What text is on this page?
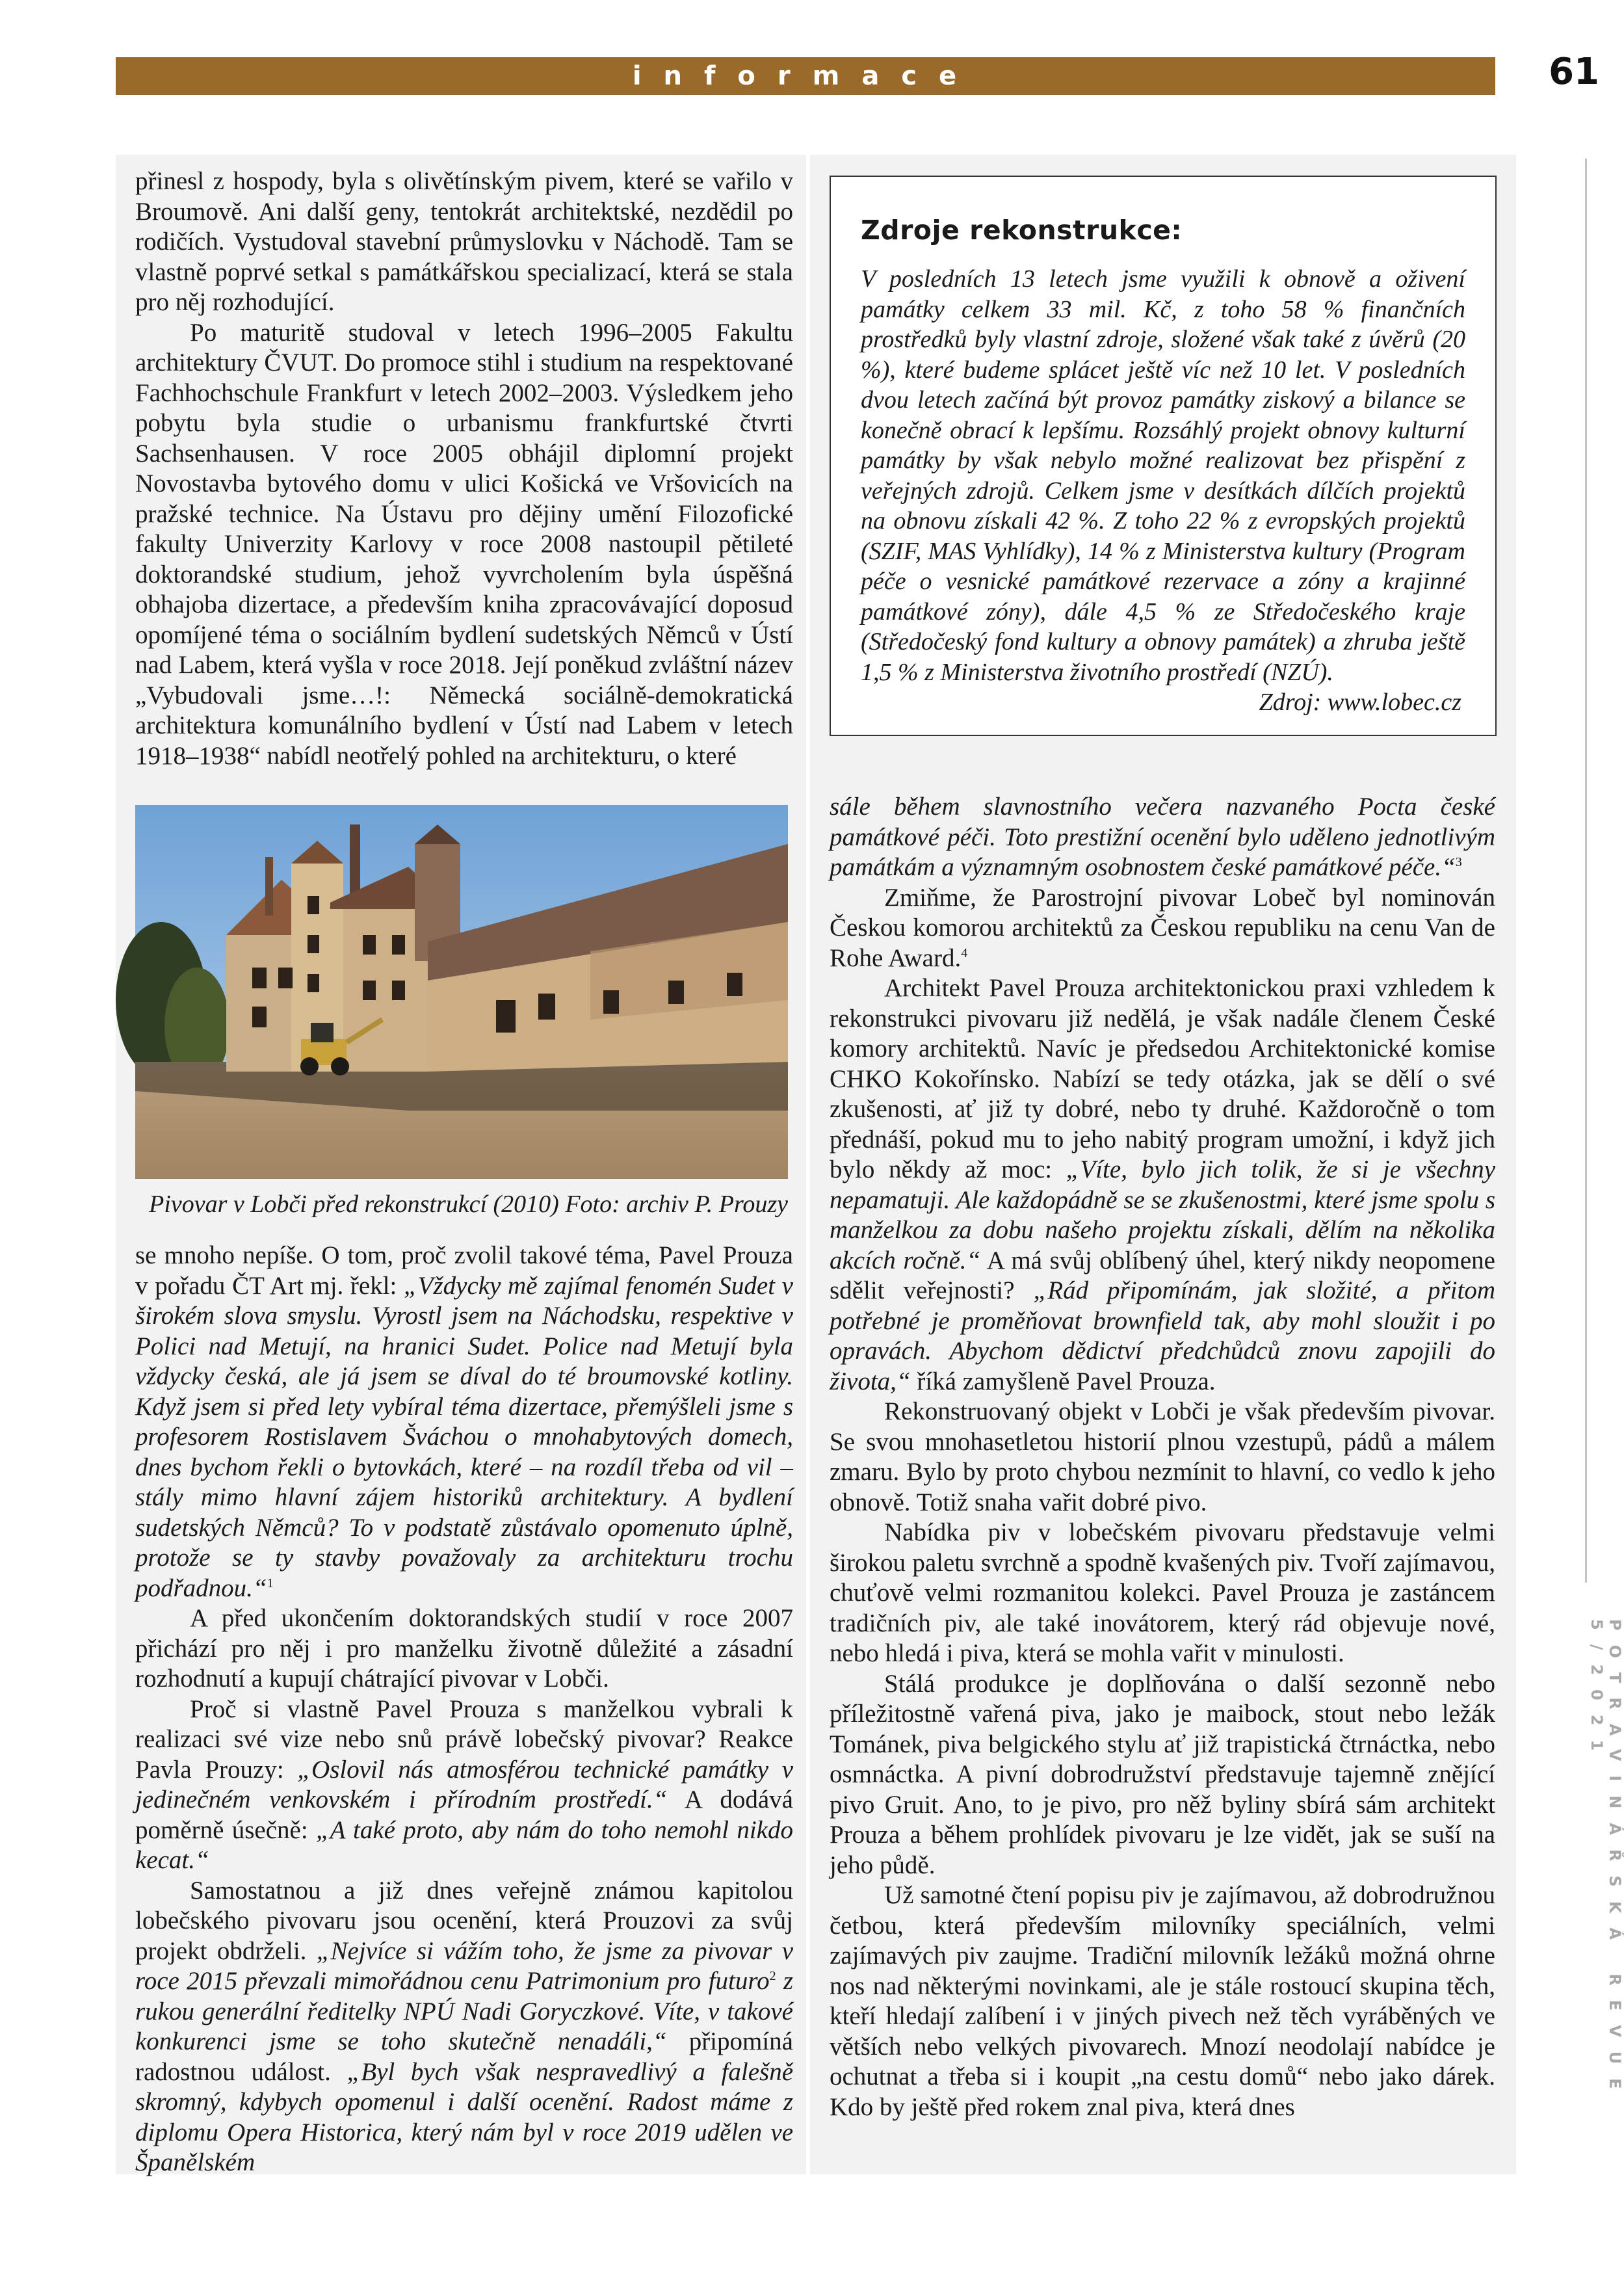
informace	61
POTRAVINÁŘSKÁ REVUE 5/2021

přinesl z hospody, byla s olivětínským pivem, které se vařilo v Broumově. Ani další geny, tentokrát architektské, nezdědil po rodičích. Vystudoval stavební průmyslovku v Náchodě. Tam se vlastně poprvé setkal s památkářskou specializací, která se stala pro něj rozhodující.

Po maturitě studoval v letech 1996–2005 Fakultu architektury ČVUT. Do promoce stihl i studium na respektované Fachhochschule Frankfurt v letech 2002–2003. Výsledkem jeho pobytu byla studie o urbanismu frankfurtské čtvrti Sachsenhausen. V roce 2005 obhájil diplomní projekt Novostavba bytového domu v ulici Košická ve Vršovicích na pražské technice. Na Ústavu pro dějiny umění Filozofické fakulty Univerzity Karlovy v roce 2008 nastoupil pětileté doktorandské studium, jehož vyvrcholením byla úspěšná obhajoba dizertace, a především kniha zpracovávající doposud opomíjené téma o sociálním bydlení sudetských Němců v Ústí nad Labem, která vyšla v roce 2018. Její poněkud zvláštní název „Vybudovali jsme…!: Německá sociálně-demokratická architektura komunálního bydlení v Ústí nad Labem v letech 1918–1938“ nabídl neotřelý pohled na architekturu, o které

Zdroje rekonstrukce:

V posledních 13 letech jsme využili k obnově a oživení památky celkem 33 mil. Kč, z toho 58 % finančních prostředků byly vlastní zdroje, složené však také z úvěrů (20 %), které budeme splácet ještě víc než 10 let. V posledních dvou letech začíná být provoz památky ziskový a bilance se konečně obrací k lepšímu. Rozsáhlý projekt obnovy kulturní památky by však nebylo možné realizovat bez přispění z veřejných zdrojů. Celkem jsme v desítkách dílčích projektů na obnovu získali 42 %. Z toho 22 % z evropských projektů (SZIF, MAS Vyhlídky), 14 % z Ministerstva kultury (Program péče o vesnické památkové rezervace a zóny a krajinné památkové zóny), dále 4,5 % ze Středočeského kraje (Středočeský fond kultury a obnovy památek) a zhruba ještě 1,5 % z Ministerstva životního prostředí (NZÚ).
Zdroj: www.lobec.cz

Pivovar v Lobči před rekonstrukcí (2010) Foto: archiv P. Prouzy

se mnoho nepíše. O tom, proč zvolil takové téma, Pavel Prouza v pořadu ČT Art mj. řekl: „Vždycky mě zajímal fenomén Sudet v širokém slova smyslu. Vyrostl jsem na Náchodsku, respektive v Polici nad Metují, na hranici Sudet. Police nad Metují byla vždycky česká, ale já jsem se díval do té broumovské kotliny. Když jsem si před lety vybíral téma dizertace, přemýšleli jsme s profesorem Rostislavem Šváchou o mnohabytových domech, dnes bychom řekli o bytovkách, které – na rozdíl třeba od vil – stály mimo hlavní zájem historiků architektury. A bydlení sudetských Němců? To v podstatě zůstávalo opomenuto úplně, protože se ty stavby považovaly za architekturu trochu podřadnou.“$^1$

A před ukončením doktorandských studií v roce 2007 přichází pro něj i pro manželku životně důležité a zásadní rozhodnutí a kupují chátrající pivovar v Lobči.

Proč si vlastně Pavel Prouza s manželkou vybrali k realizaci své vize nebo snů právě lobečský pivovar? Reakce Pavla Prouzy: „Oslovil nás atmosférou technické památky v jedinečném venkovském i přírodním prostředí.“ A dodává poměrně úsečně: „A také proto, aby nám do toho nemohl nikdo kecat.“

Samostatnou a již dnes veřejně známou kapitolou lobečského pivovaru jsou ocenění, která Prouzovi za svůj projekt obdrželi. „Nejvíce si vážím toho, že jsme za pivovar v roce 2015 převzali mimořádnou cenu Patrimonium pro futuro$^2$ z rukou generální ředitelky NPÚ Nadi Goryczkové. Víte, v takové konkurenci jsme se toho skutečně nenadáli,“ připomíná radostnou událost. „Byl bych však nespravedlivý a falešně skromný, kdybych opomenul i další ocenění. Radost máme z diplomu Opera Historica, který nám byl v roce 2019 udělen ve Španělském

sále během slavnostního večera nazvaného Pocta české památkové péči. Toto prestižní ocenění bylo uděleno jednotlivým památkám a významným osobnostem české památkové péče.“$^3$

Zmiňme, že Parostrojní pivovar Lobeč byl nominován Českou komorou architektů za Českou republiku na cenu Van de Rohe Award.$^4$

Architekt Pavel Prouza architektonickou praxi vzhledem k rekonstrukci pivovaru již nedělá, je však nadále členem České komory architektů. Navíc je předsedou Architektonické komise CHKO Kokořínsko. Nabízí se tedy otázka, jak se dělí o své zkušenosti, ať již ty dobré, nebo ty druhé. Každoročně o tom přednáší, pokud mu to jeho nabitý program umožní, i když jich bylo někdy až moc: „Víte, bylo jich tolik, že si je všechny nepamatuji. Ale každopádně se se zkušenostmi, které jsme spolu s manželkou za dobu našeho projektu získali, dělím na několika akcích ročně.“ A má svůj oblíbený úhel, který nikdy neopomene sdělit veřejnosti? „Rád připomínám, jak složité, a přitom potřebné je proměňovat brownfield tak, aby mohl sloužit i po opravách. Abychom dědictví předchůdců znovu zapojili do života,“ říká zamyšleně Pavel Prouza.

Rekonstruovaný objekt v Lobči je však především pivovar. Se svou mnohasetletou historií plnou vzestupů, pádů a málem zmaru. Bylo by proto chybou nezmínit to hlavní, co vedlo k jeho obnově. Totiž snaha vařit dobré pivo.

Nabídka piv v lobečském pivovaru představuje velmi širokou paletu svrchně a spodně kvašených piv. Tvoří zajímavou, chuťově velmi rozmanitou kolekci. Pavel Prouza je zastáncem tradičních piv, ale také inovátorem, který rád objevuje nové, nebo hledá i piva, která se mohla vařit v minulosti.

Stálá produkce je doplňována o další sezonně nebo příležitostně vařená piva, jako je maibock, stout nebo ležák Tománek, piva belgického stylu ať již trapistická čtrnáctka, nebo osmnáctka. A pivní dobrodružství představuje tajemně znějící pivo Gruit. Ano, to je pivo, pro něž byliny sbírá sám architekt Prouza a během prohlídek pivovaru je lze vidět, jak se suší na jeho půdě.

Už samotné čtení popisu piv je zajímavou, až dobrodružnou četbou, která především milovníky speciálních, velmi zajímavých piv zaujme. Tradiční milovník ležáků možná ohrne nos nad některými novinkami, ale je stále rostoucí skupina těch, kteří hledají zalíbení i v jiných pivech než těch vyráběných ve větších nebo velkých pivovarech. Mnozí neodolají nabídce je ochutnat a třeba si i koupit „na cestu domů“ nebo jako dárek. Kdo by ještě před rokem znal piva, která dnes
